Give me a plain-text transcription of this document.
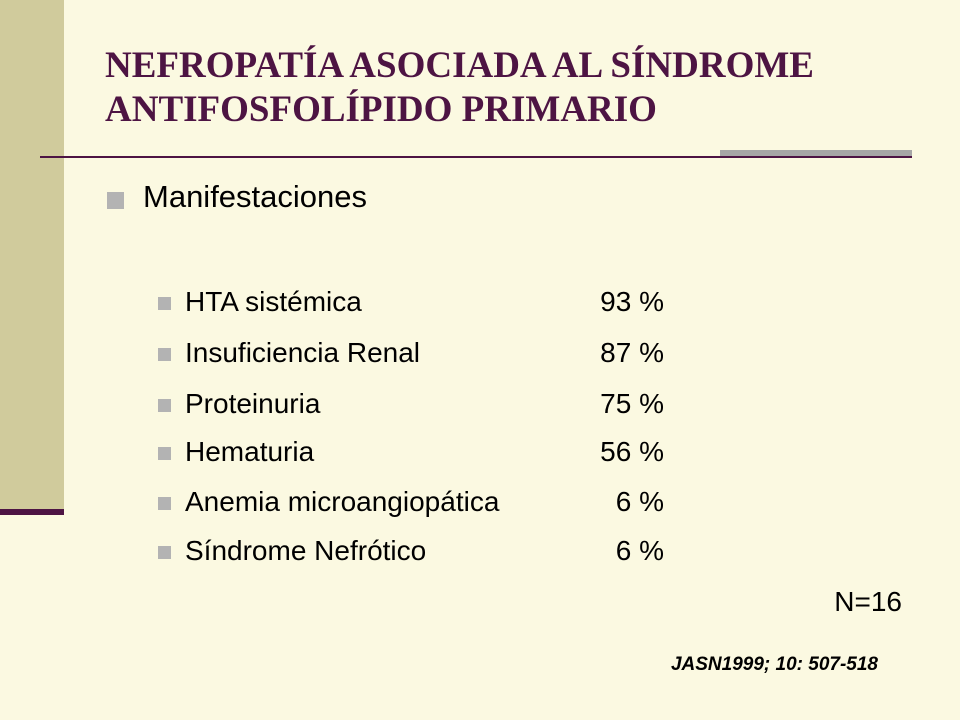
NEFROPATÍA ASOCIADA AL SÍNDROME
ANTIFOSFOLÍPIDO PRIMARIO
Manifestaciones
HTA sistémica	93 %
Insuficiencia Renal	87 %
Proteinuria	75 %
Hematuria	56 %
Anemia microangiopática	6 %
Síndrome Nefrótico	6 %
N=16
JASN1999; 10: 507-518
